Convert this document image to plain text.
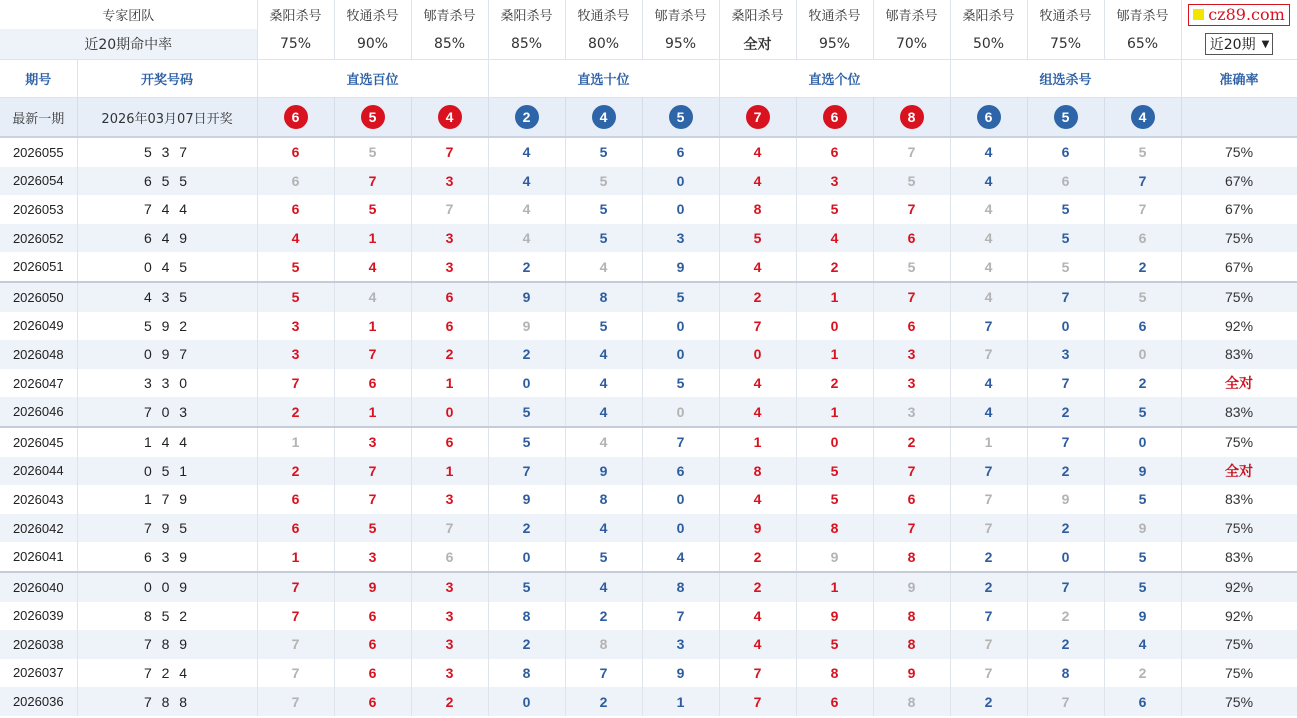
专家团队		桑阳杀号	牧通杀号	郇青杀号	桑阳杀号	牧通杀号	郇青杀号	桑阳杀号	牧通杀号	郇青杀号	桑阳杀号	牧通杀号	郇青杀号	cz89.com

近20期命中率		75%	90%	85%	85%	80%	95%	全对	95%	70%	50%	75%	65%	近20期 ▼

期号	开奖号码	直选百位			直选十位			直选个位			组选杀号			准确率
最新一期	2026年03月07日开奖	6	5	4	2	4	5	7	6	8	6	5	4	
2026055	5 3 7	6	5	7	4	5	6	4	6	7	4	6	5	75%
2026054	6 5 5	6	7	3	4	5	0	4	3	5	4	6	7	67%
2026053	7 4 4	6	5	7	4	5	0	8	5	7	4	5	7	67%
2026052	6 4 9	4	1	3	4	5	3	5	4	6	4	5	6	75%
2026051	0 4 5	5	4	3	2	4	9	4	2	5	4	5	2	67%
2026050	4 3 5	5	4	6	9	8	5	2	1	7	4	7	5	75%
2026049	5 9 2	3	1	6	9	5	0	7	0	6	7	0	6	92%
2026048	0 9 7	3	7	2	2	4	0	0	1	3	7	3	0	83%
2026047	3 3 0	7	6	1	0	4	5	4	2	3	4	7	2	全对
2026046	7 0 3	2	1	0	5	4	0	4	1	3	4	2	5	83%
2026045	1 4 4	1	3	6	5	4	7	1	0	2	1	7	0	75%
2026044	0 5 1	2	7	1	7	9	6	8	5	7	7	2	9	全对
2026043	1 7 9	6	7	3	9	8	0	4	5	6	7	9	5	83%
2026042	7 9 5	6	5	7	2	4	0	9	8	7	7	2	9	75%
2026041	6 3 9	1	3	6	0	5	4	2	9	8	2	0	5	83%
2026040	0 0 9	7	9	3	5	4	8	2	1	9	2	7	5	92%
2026039	8 5 2	7	6	3	8	2	7	4	9	8	7	2	9	92%
2026038	7 8 9	7	6	3	2	8	3	4	5	8	7	2	4	75%
2026037	7 2 4	7	6	3	8	7	9	7	8	9	7	8	2	75%
2026036	7 8 8	7	6	2	0	2	1	7	6	8	2	7	6	75%
